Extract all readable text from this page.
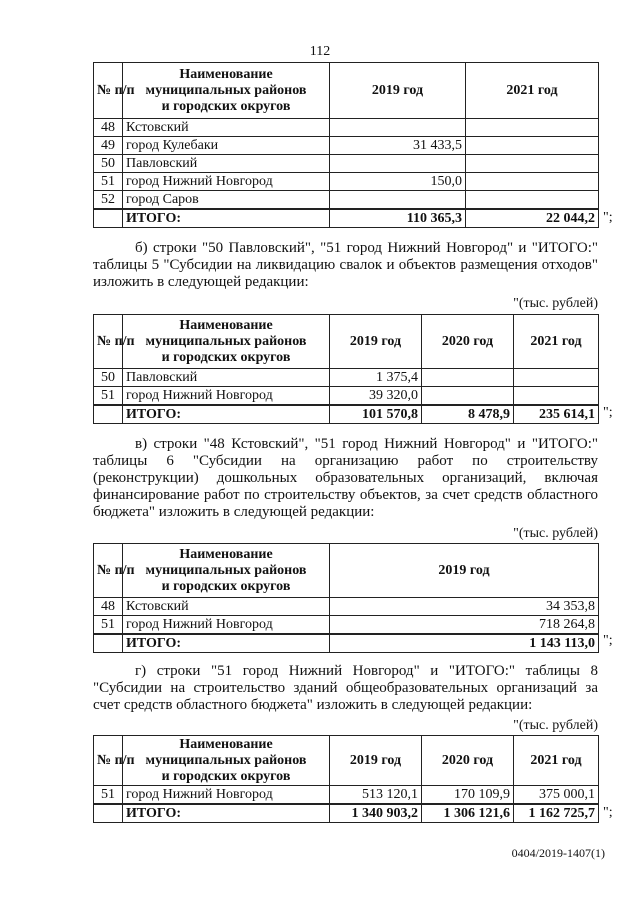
112
№ п/п	Наименование
муниципальных районов
и городских округов	2019 год	2021 год
48	Кстовский		
49	город Кулебаки	31 433,5	
50	Павловский		
51	город Нижний Новгород	150,0	
52	город Саров		
	ИТОГО:	110 365,3	22 044,2 ";

б) строки "50 Павловский", "51 город Нижний Новгород" и "ИТОГО:" таблицы 5 "Субсидии на ликвидацию свалок и объектов размещения отходов" изложить в следующей редакции:

"(тыс. рублей)
№ п/п	Наименование
муниципальных районов
и городских округов	2019 год	2020 год	2021 год
50	Павловский	1 375,4		
51	город Нижний Новгород	39 320,0		
	ИТОГО:	101 570,8	8 478,9	235 614,1 ";

в) строки "48 Кстовский", "51 город Нижний Новгород" и "ИТОГО:" таблицы 6 "Субсидии на организацию работ по строительству (реконструкции) дошкольных образовательных организаций, включая финансирование работ по строительству объектов, за счет средств областного бюджета" изложить в следующей редакции:

"(тыс. рублей)
№ п/п	Наименование
муниципальных районов
и городских округов	2019 год
48	Кстовский	34 353,8
51	город Нижний Новгород	718 264,8
	ИТОГО:	1 143 113,0 ";

г) строки "51 город Нижний Новгород" и "ИТОГО:" таблицы 8 "Субсидии на строительство зданий общеобразовательных организаций за счет средств областного бюджета" изложить в следующей редакции:

"(тыс. рублей)
№ п/п	Наименование
муниципальных районов
и городских округов	2019 год	2020 год	2021 год
51	город Нижний Новгород	513 120,1	170 109,9	375 000,1
	ИТОГО:	1 340 903,2	1 306 121,6	1 162 725,7 ";
0404/2019-1407(1)
